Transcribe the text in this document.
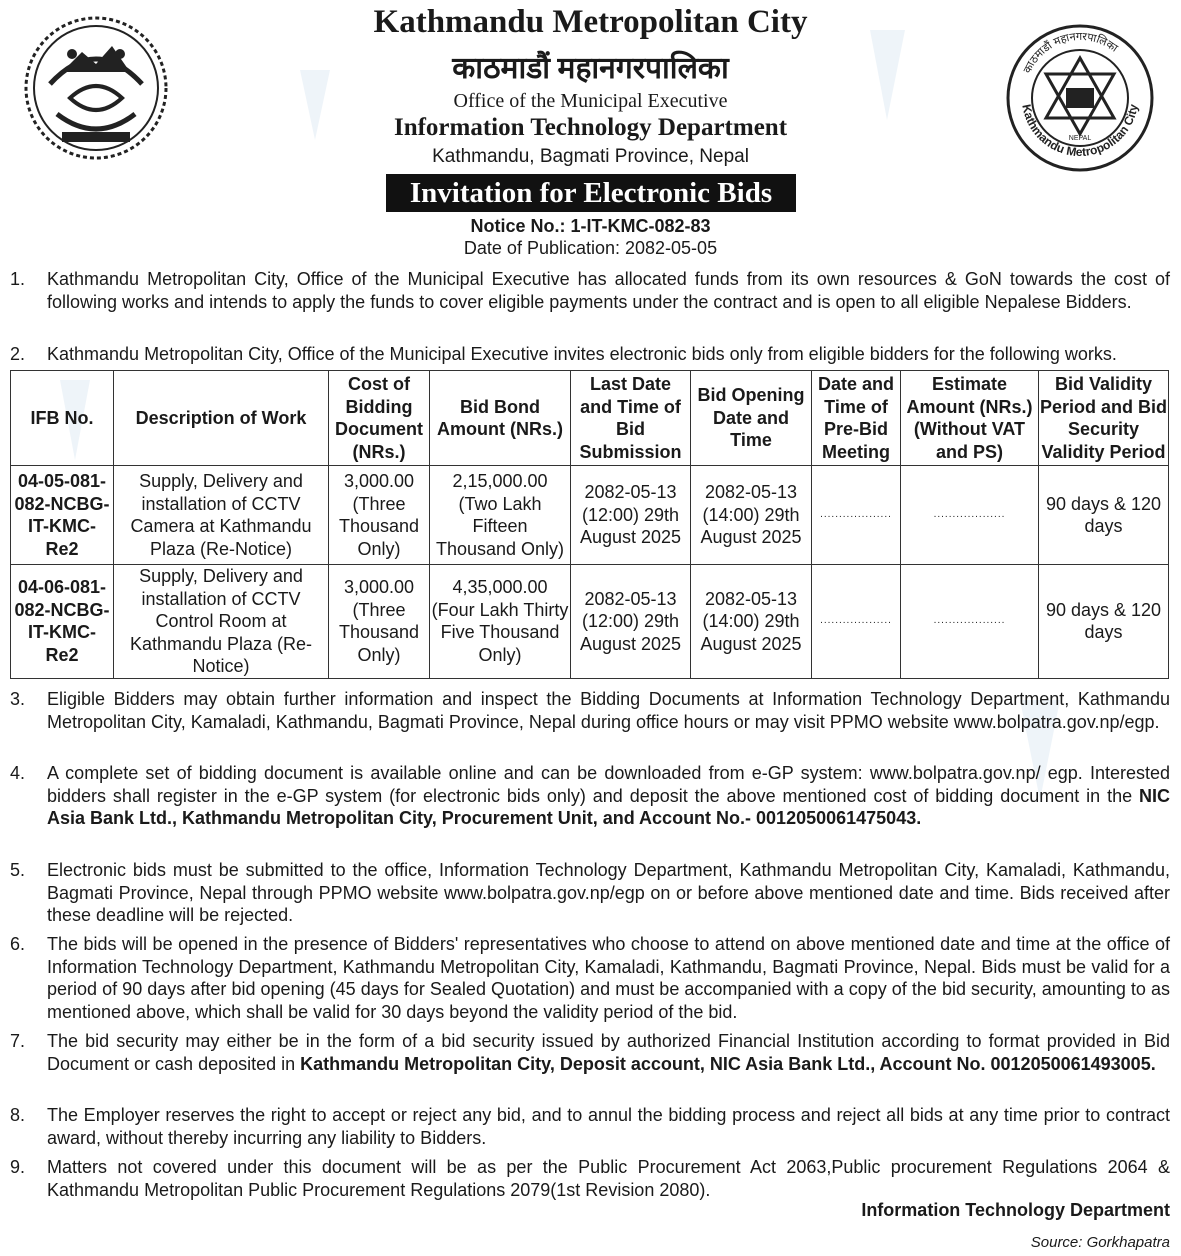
Kathmandu Metropolitan City
काठमाडौं महानगरपालिका
Office of the Municipal Executive
Information Technology Department
Kathmandu, Bagmati Province, Nepal
Invitation for Electronic Bids
Notice No.: 1-IT-KMC-082-83
Date of Publication: 2082-05-05
Kathmandu Metropolitan City
काठमाडौं महानगरपालिका
NEPAL
1.	Kathmandu Metropolitan City, Office of the Municipal Executive has allocated funds from its own resources & GoN towards the cost of following works and intends to apply the funds to cover eligible payments under the contract and is open to all eligible Nepalese Bidders.
2.	Kathmandu Metropolitan City, Office of the Municipal Executive invites electronic bids only from eligible bidders for the following works.
IFB No.	Description of Work	Cost of Bidding Document (NRs.)	Bid Bond Amount (NRs.)	Last Date and Time of Bid Submission	Bid Opening Date and Time	Date and Time of Pre-Bid Meeting	Estimate Amount (NRs.) (Without VAT and PS)	Bid Validity Period and Bid Security Validity Period
04-05-081-082-NCBG-IT-KMC-Re2	Supply, Delivery and installation of CCTV Camera at Kathmandu Plaza (Re-Notice)	3,000.00 (Three Thousand Only)	2,15,000.00 (Two Lakh Fifteen Thousand Only)	2082-05-13 (12:00) 29th August 2025	2082-05-13 (14:00) 29th August 2025	...................	...................	90 days & 120 days
04-06-081-082-NCBG-IT-KMC-Re2	Supply, Delivery and installation of CCTV Control Room at Kathmandu Plaza (Re-Notice)	3,000.00 (Three Thousand Only)	4,35,000.00 (Four Lakh Thirty Five Thousand Only)	2082-05-13 (12:00) 29th August 2025	2082-05-13 (14:00) 29th August 2025	...................	...................	90 days & 120 days
3.	Eligible Bidders may obtain further information and inspect the Bidding Documents at Information Technology Department, Kathmandu Metropolitan City, Kamaladi, Kathmandu, Bagmati Province, Nepal during office hours or may visit PPMO website www.bolpatra.gov.np/egp.
4.	A complete set of bidding document is available online and can be downloaded from e-GP system: www.bolpatra.gov.np/ egp. Interested bidders shall register in the e-GP system (for electronic bids only) and deposit the above mentioned cost of bidding document in the NIC Asia Bank Ltd., Kathmandu Metropolitan City, Procurement Unit, and Account No.- 0012050061475043.
5.	Electronic bids must be submitted to the office, Information Technology Department, Kathmandu Metropolitan City, Kamaladi, Kathmandu, Bagmati Province, Nepal through PPMO website www.bolpatra.gov.np/egp on or before above mentioned date and time. Bids received after these deadline will be rejected.
6.	The bids will be opened in the presence of Bidders' representatives who choose to attend on above mentioned date and time at the office of Information Technology Department, Kathmandu Metropolitan City, Kamaladi, Kathmandu, Bagmati Province, Nepal. Bids must be valid for a period of 90 days after bid opening (45 days for Sealed Quotation) and must be accompanied with a copy of the bid security, amounting to as mentioned above, which shall be valid for 30 days beyond the validity period of the bid.
7.	The bid security may either be in the form of a bid security issued by authorized Financial Institution according to format provided in Bid Document or cash deposited in Kathmandu Metropolitan City, Deposit account, NIC Asia Bank Ltd., Account No. 0012050061493005.
8.	The Employer reserves the right to accept or reject any bid, and to annul the bidding process and reject all bids at any time prior to contract award, without thereby incurring any liability to Bidders.
9.	Matters not covered under this document will be as per the Public Procurement Act 2063,Public procurement Regulations 2064 & Kathmandu Metropolitan Public Procurement Regulations 2079(1st Revision 2080).
Information Technology Department
Source: Gorkhapatra
